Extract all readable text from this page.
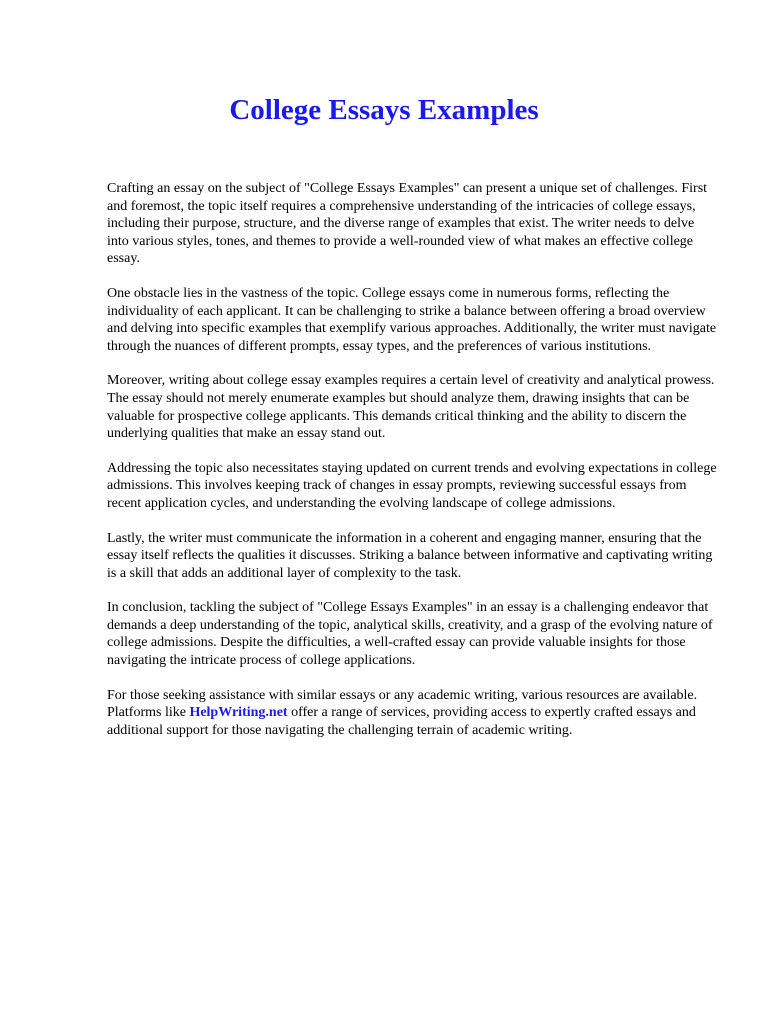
College Essays Examples

Crafting an essay on the subject of "College Essays Examples" can present a unique set of challenges. First and foremost, the topic itself requires a comprehensive understanding of the intricacies of college essays, including their purpose, structure, and the diverse range of examples that exist. The writer needs to delve into various styles, tones, and themes to provide a well-rounded view of what makes an effective college essay.

One obstacle lies in the vastness of the topic. College essays come in numerous forms, reflecting the individuality of each applicant. It can be challenging to strike a balance between offering a broad overview and delving into specific examples that exemplify various approaches. Additionally, the writer must navigate through the nuances of different prompts, essay types, and the preferences of various institutions.

Moreover, writing about college essay examples requires a certain level of creativity and analytical prowess. The essay should not merely enumerate examples but should analyze them, drawing insights that can be valuable for prospective college applicants. This demands critical thinking and the ability to discern the underlying qualities that make an essay stand out.

Addressing the topic also necessitates staying updated on current trends and evolving expectations in college admissions. This involves keeping track of changes in essay prompts, reviewing successful essays from recent application cycles, and understanding the evolving landscape of college admissions.

Lastly, the writer must communicate the information in a coherent and engaging manner, ensuring that the essay itself reflects the qualities it discusses. Striking a balance between informative and captivating writing is a skill that adds an additional layer of complexity to the task.

In conclusion, tackling the subject of "College Essays Examples" in an essay is a challenging endeavor that demands a deep understanding of the topic, analytical skills, creativity, and a grasp of the evolving nature of college admissions. Despite the difficulties, a well-crafted essay can provide valuable insights for those navigating the intricate process of college applications.

For those seeking assistance with similar essays or any academic writing, various resources are available. Platforms like HelpWriting.net offer a range of services, providing access to expertly crafted essays and additional support for those navigating the challenging terrain of academic writing.
